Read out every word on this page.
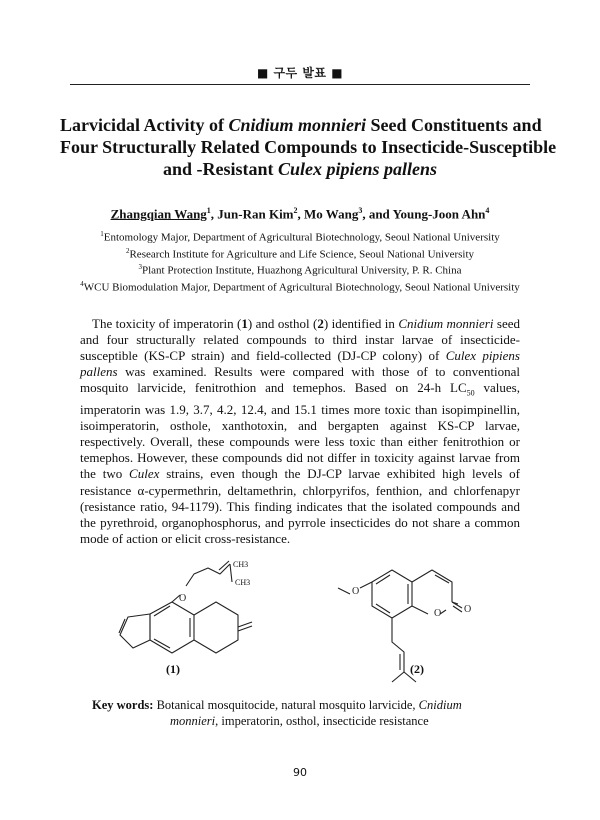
■ 구두 발표 ■
Larvicidal Activity of Cnidium monnieri Seed Constituents and
Four Structurally Related Compounds to Insecticide-Susceptible
and -Resistant Culex pipiens pallens
Zhangqian Wang$^1$, Jun-Ran Kim$^2$, Mo Wang$^3$, and Young-Joon Ahn$^4$
$^1$Entomology Major, Department of Agricultural Biotechnology, Seoul National University
$^2$Research Institute for Agriculture and Life Science, Seoul National University
$^3$Plant Protection Institute, Huazhong Agricultural University, P. R. China
$^4$WCU Biomodulation Major, Department of Agricultural Biotechnology, Seoul National University
The toxicity of imperatorin (1) and osthol (2) identified in Cnidium monnieri seed and four structurally related compounds to third instar larvae of insecticide-susceptible (KS-CP strain) and field-collected (DJ-CP colony) of Culex pipiens pallens was examined. Results were compared with those of to conventional mosquito larvicide, fenitrothion and temephos. Based on 24-h $LC_{50}$ values, imperatorin was 1.9, 3.7, 4.2, 12.4, and 15.1 times more toxic than isopimpinellin, isoimperatorin, osthole, xanthotoxin, and bergapten against KS-CP larvae, respectively. Overall, these compounds were less toxic than either fenitrothion or temephos. However, these compounds did not differ in toxicity against larvae from the two Culex strains, even though the DJ-CP larvae exhibited high levels of resistance α-cypermethrin, deltamethrin, chlorpyrifos, fenthion, and chlorfenapyr (resistance ratio, 94-1179). This finding indicates that the isolated compounds and the pyrethroid, organophosphorus, and pyrrole insecticides do not share a common mode of action or elicit cross-resistance.
O
O
O O
CH3
CH3
(1)	(2)
Key words: Botanical mosquitocide, natural mosquito larvicide, Cnidium
monnieri, imperatorin, osthol, insecticide resistance
90
